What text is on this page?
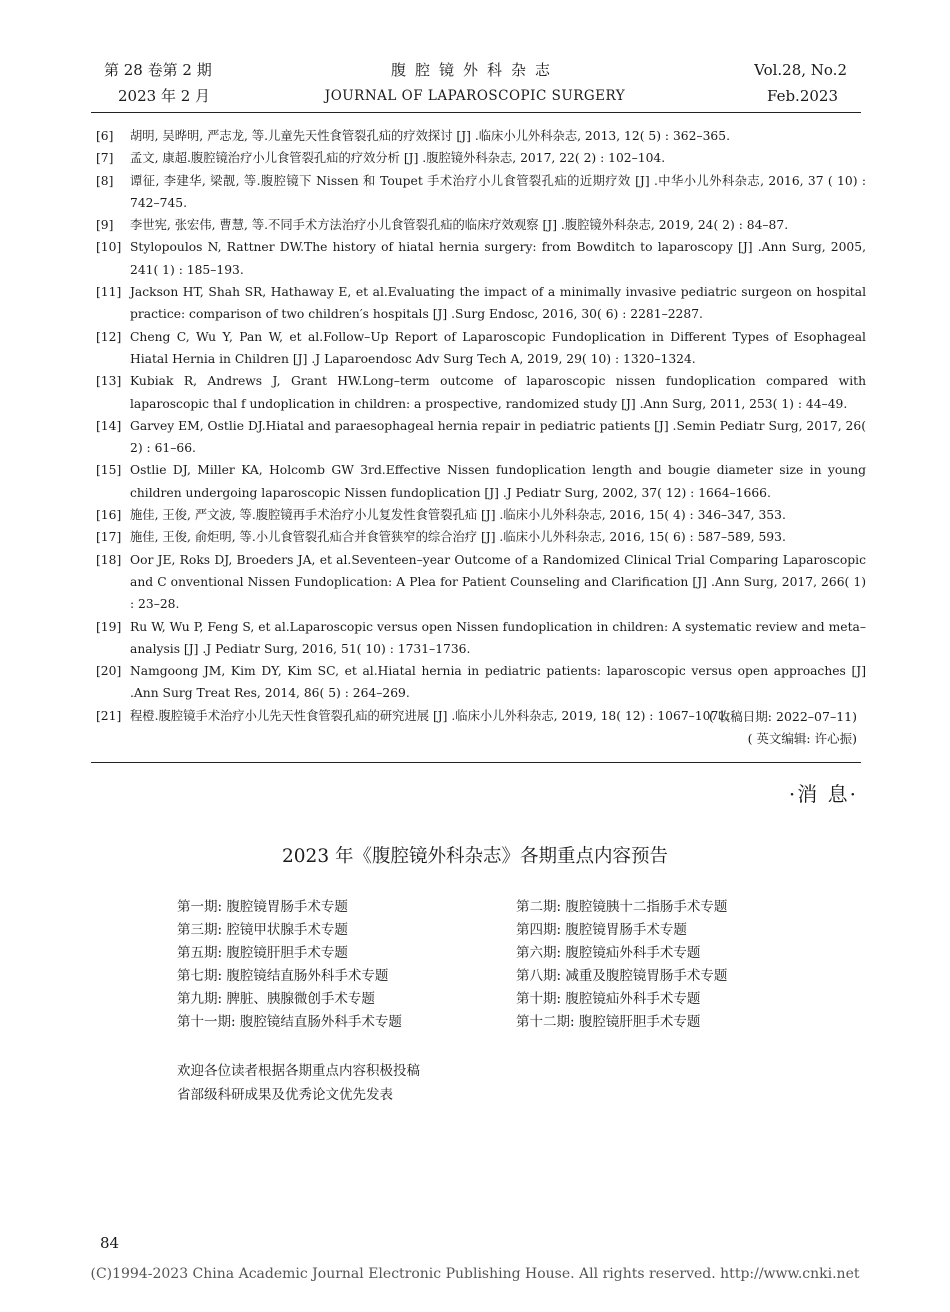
第 28 卷第 2 期
2023 年 2 月
腹腔镜外科杂志
JOURNAL OF LAPAROSCOPIC SURGERY
Vol.28, No.2
Feb.2023
[6]	胡明, 吴晔明, 严志龙, 等.儿童先天性食管裂孔疝的疗效探讨 [J] .临床小儿外科杂志, 2013, 12( 5) : 362–365.
[7]	孟文, 康超.腹腔镜治疗小儿食管裂孔疝的疗效分析 [J] .腹腔镜外科杂志, 2017, 22( 2) : 102–104.
[8]	谭征, 李建华, 梁靓, 等.腹腔镜下 Nissen 和 Toupet 手术治疗小儿食管裂孔疝的近期疗效 [J] .中华小儿外科杂志, 2016, 37 ( 10) : 742–745.
[9]	李世宪, 张宏伟, 曹慧, 等.不同手术方法治疗小儿食管裂孔疝的临床疗效观察 [J] .腹腔镜外科杂志, 2019, 24( 2) : 84–87.
[10] Stylopoulos N, Rattner DW.The history of hiatal hernia surgery: from Bowditch to laparoscopy [J] .Ann Surg, 2005, 241( 1) : 185–193.
[11] Jackson HT, Shah SR, Hathaway E, et al.Evaluating the impact of a minimally invasive pediatric surgeon on hospital practice: comparison of two children′s hospitals [J] .Surg Endosc, 2016, 30( 6) : 2281–2287.
[12] Cheng C, Wu Y, Pan W, et al.Follow–Up Report of Laparoscopic Fundoplication in Different Types of Esophageal Hiatal Hernia in Children [J] .J Laparoendosc Adv Surg Tech A, 2019, 29( 10) : 1320–1324.
[13] Kubiak R, Andrews J, Grant HW.Long–term outcome of laparoscopic nissen fundoplication compared with laparoscopic thal f undoplication in children: a prospective, randomized study [J] .Ann Surg, 2011, 253( 1) : 44–49.
[14] Garvey EM, Ostlie DJ.Hiatal and paraesophageal hernia repair in pediatric patients [J] .Semin Pediatr Surg, 2017, 26( 2) : 61–66.
[15] Ostlie DJ, Miller KA, Holcomb GW 3rd.Effective Nissen fundoplication length and bougie diameter size in young children undergoing laparoscopic Nissen fundoplication [J] .J Pediatr Surg, 2002, 37( 12) : 1664–1666.
[16] 施佳, 王俊, 严文波, 等.腹腔镜再手术治疗小儿复发性食管裂孔疝 [J] .临床小儿外科杂志, 2016, 15( 4) : 346–347, 353.
[17] 施佳, 王俊, 俞炬明, 等.小儿食管裂孔疝合并食管狭窄的综合治疗 [J] .临床小儿外科杂志, 2016, 15( 6) : 587–589, 593.
[18] Oor JE, Roks DJ, Broeders JA, et al.Seventeen–year Outcome of a Randomized Clinical Trial Comparing Laparoscopic and C onventional Nissen Fundoplication: A Plea for Patient Counseling and Clarification [J] .Ann Surg, 2017, 266( 1) : 23–28.
[19] Ru W, Wu P, Feng S, et al.Laparoscopic versus open Nissen fundoplication in children: A systematic review and meta–analysis [J] .J Pediatr Surg, 2016, 51( 10) : 1731–1736.
[20] Namgoong JM, Kim DY, Kim SC, et al.Hiatal hernia in pediatric patients: laparoscopic versus open approaches [J] .Ann Surg Treat Res, 2014, 86( 5) : 264–269.
[21] 程橙.腹腔镜手术治疗小儿先天性食管裂孔疝的研究进展 [J] .临床小儿外科杂志, 2019, 18( 12) : 1067–1071.
( 收稿日期: 2022–07–11)
( 英文编辑: 许心振)
·消 息·
2023 年《腹腔镜外科杂志》各期重点内容预告
第一期: 腹腔镜胃肠手术专题	第二期: 腹腔镜胰十二指肠手术专题
第三期: 腔镜甲状腺手术专题	第四期: 腹腔镜胃肠手术专题
第五期: 腹腔镜肝胆手术专题	第六期: 腹腔镜疝外科手术专题
第七期: 腹腔镜结直肠外科手术专题	第八期: 减重及腹腔镜胃肠手术专题
第九期: 脾脏、胰腺微创手术专题	第十期: 腹腔镜疝外科手术专题
第十一期: 腹腔镜结直肠外科手术专题	第十二期: 腹腔镜肝胆手术专题
欢迎各位读者根据各期重点内容积极投稿
省部级科研成果及优秀论文优先发表
84
(C)1994-2023 China Academic Journal Electronic Publishing House. All rights reserved. http://www.cnki.net
